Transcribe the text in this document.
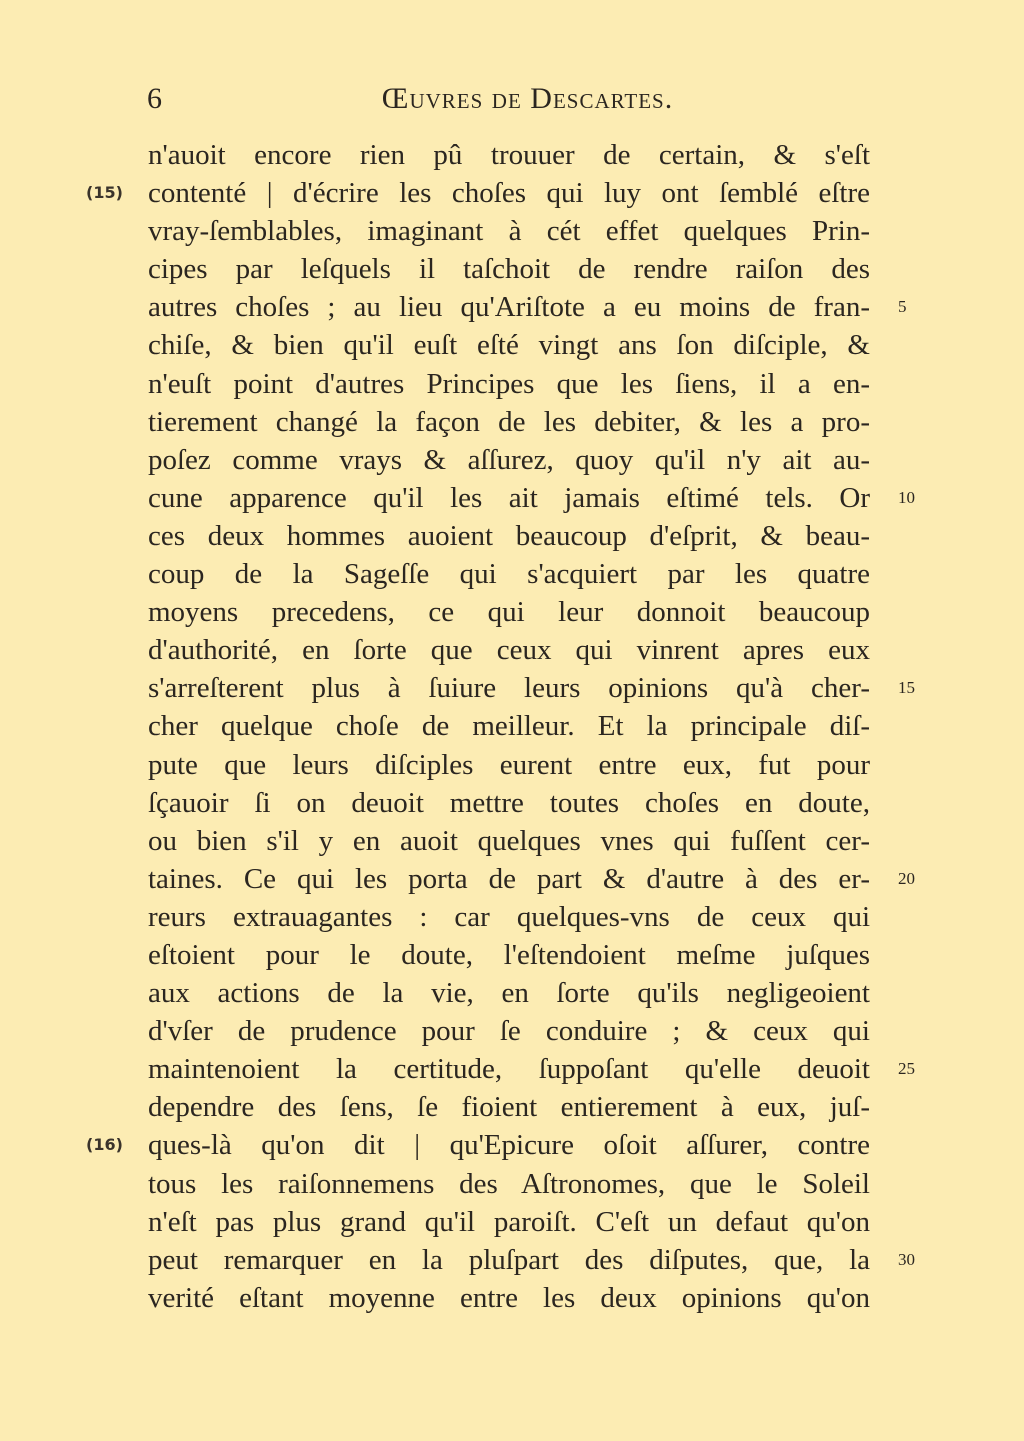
6	Œuvres de Descartes.
n'auoit encore rien pû trouuer de certain, & s'eſt
contenté | d'écrire les choſes qui luy ont ſemblé eſtre
(15)
vray-ſemblables, imaginant à cét effet quelques Prin-
cipes par leſquels il taſchoit de rendre raiſon des
autres choſes ; au lieu qu'Ariſtote a eu moins de fran- 5
chiſe, & bien qu'il euſt eſté vingt ans ſon diſciple, &
n'euſt point d'autres Principes que les ſiens, il a en-
tierement changé la façon de les debiter, & les a pro-
poſez comme vrays & aſſurez, quoy qu'il n'y ait au-
cune apparence qu'il les ait jamais eſtimé tels. Or 10
ces deux hommes auoient beaucoup d'eſprit, & beau-
coup de la Sageſſe qui s'acquiert par les quatre
moyens precedens, ce qui leur donnoit beaucoup
d'authorité, en ſorte que ceux qui vinrent apres eux
s'arreſterent plus à ſuiure leurs opinions qu'à cher- 15
cher quelque choſe de meilleur. Et la principale diſ-
pute que leurs diſciples eurent entre eux, fut pour
ſçauoir ſi on deuoit mettre toutes choſes en doute,
ou bien s'il y en auoit quelques vnes qui fuſſent cer-
taines. Ce qui les porta de part & d'autre à des er- 20
reurs extrauagantes : car quelques-vns de ceux qui
eſtoient pour le doute, l'eſtendoient meſme juſques
aux actions de la vie, en ſorte qu'ils negligeoient
d'vſer de prudence pour ſe conduire ; & ceux qui
maintenoient la certitude, ſuppoſant qu'elle deuoit 25
dependre des ſens, ſe fioient entierement à eux, juſ-
ques-là qu'on dit | qu'Epicure oſoit aſſurer, contre
(16)
tous les raiſonnemens des Aſtronomes, que le Soleil
n'eſt pas plus grand qu'il paroiſt. C'eſt un defaut qu'on
peut remarquer en la pluſpart des diſputes, que, la 30
verité eſtant moyenne entre les deux opinions qu'on
